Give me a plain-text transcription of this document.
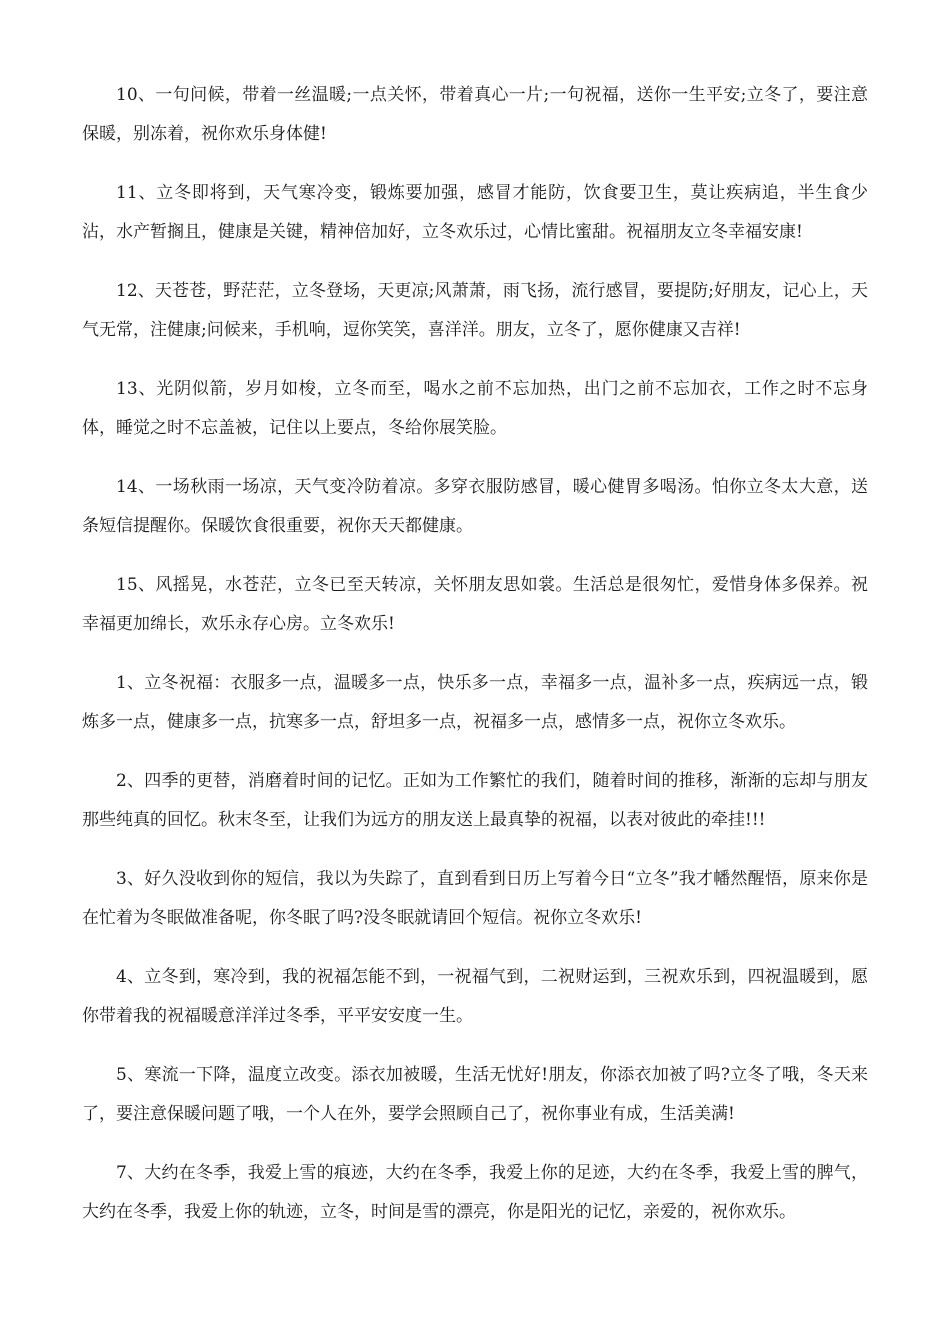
10、一句问候，带着一丝温暖;一点关怀，带着真心一片;一句祝福，送你一生平安;立冬了，要注意保暖，别冻着，祝你欢乐身体健!

11、立冬即将到，天气寒冷变，锻炼要加强，感冒才能防，饮食要卫生，莫让疾病追，半生食少沾，水产暂搁且，健康是关键，精神倍加好，立冬欢乐过，心情比蜜甜。祝福朋友立冬幸福安康!

12、天苍苍，野茫茫，立冬登场，天更凉;风萧萧，雨飞扬，流行感冒，要提防;好朋友，记心上，天气无常，注健康;问候来，手机响，逗你笑笑，喜洋洋。朋友，立冬了，愿你健康又吉祥!

13、光阴似箭，岁月如梭，立冬而至，喝水之前不忘加热，出门之前不忘加衣，工作之时不忘身体，睡觉之时不忘盖被，记住以上要点，冬给你展笑脸。

14、一场秋雨一场凉，天气变冷防着凉。多穿衣服防感冒，暖心健胃多喝汤。怕你立冬太大意，送条短信提醒你。保暖饮食很重要，祝你天天都健康。

15、风摇晃，水苍茫，立冬已至天转凉，关怀朋友思如裳。生活总是很匆忙，爱惜身体多保养。祝幸福更加绵长，欢乐永存心房。立冬欢乐!

1、立冬祝福：衣服多一点，温暖多一点，快乐多一点，幸福多一点，温补多一点，疾病远一点，锻炼多一点，健康多一点，抗寒多一点，舒坦多一点，祝福多一点，感情多一点，祝你立冬欢乐。

2、四季的更替，消磨着时间的记忆。正如为工作繁忙的我们，随着时间的推移，渐渐的忘却与朋友那些纯真的回忆。秋末冬至，让我们为远方的朋友送上最真挚的祝福，以表对彼此的牵挂!!!

3、好久没收到你的短信，我以为失踪了，直到看到日历上写着今日“立冬”我才幡然醒悟，原来你是在忙着为冬眠做准备呢，你冬眠了吗?没冬眠就请回个短信。祝你立冬欢乐!

4、立冬到，寒冷到，我的祝福怎能不到，一祝福气到，二祝财运到，三祝欢乐到，四祝温暖到，愿你带着我的祝福暖意洋洋过冬季，平平安安度一生。

5、寒流一下降，温度立改变。添衣加被暖，生活无忧好!朋友，你添衣加被了吗?立冬了哦，冬天来了，要注意保暖问题了哦，一个人在外，要学会照顾自己了，祝你事业有成，生活美满!

7、大约在冬季，我爱上雪的痕迹，大约在冬季，我爱上你的足迹，大约在冬季，我爱上雪的脾气，大约在冬季，我爱上你的轨迹，立冬，时间是雪的漂亮，你是阳光的记忆，亲爱的，祝你欢乐。
